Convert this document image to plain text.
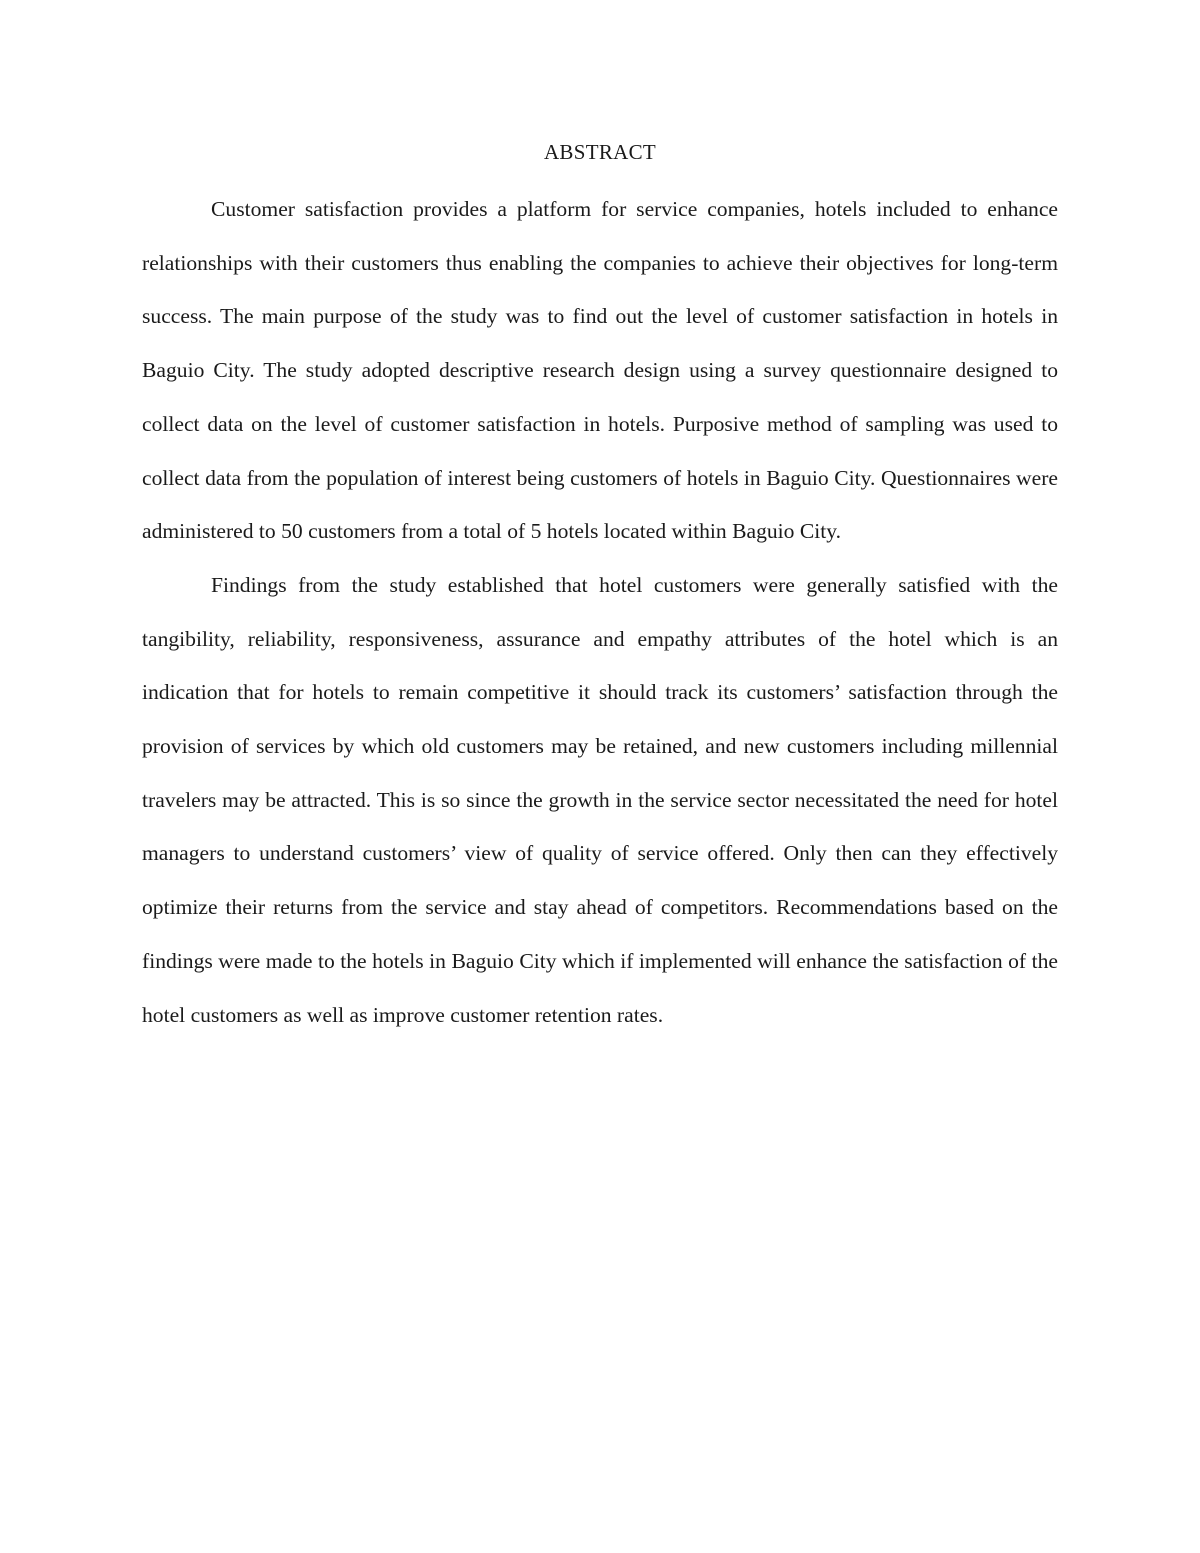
ABSTRACT

Customer satisfaction provides a platform for service companies, hotels included to enhance relationships with their customers thus enabling the companies to achieve their objectives for long-term success. The main purpose of the study was to find out the level of customer satisfaction in hotels in Baguio City. The study adopted descriptive research design using a survey questionnaire designed to collect data on the level of customer satisfaction in hotels. Purposive method of sampling was used to collect data from the population of interest being customers of hotels in Baguio City. Questionnaires were administered to 50 customers from a total of 5 hotels located within Baguio City.

Findings from the study established that hotel customers were generally satisfied with the tangibility, reliability, responsiveness, assurance and empathy attributes of the hotel which is an indication that for hotels to remain competitive it should track its customers’ satisfaction through the provision of services by which old customers may be retained, and new customers including millennial travelers may be attracted. This is so since the growth in the service sector necessitated the need for hotel managers to understand customers’ view of quality of service offered. Only then can they effectively optimize their returns from the service and stay ahead of competitors. Recommendations based on the findings were made to the hotels in Baguio City which if implemented will enhance the satisfaction of the hotel customers as well as improve customer retention rates.
